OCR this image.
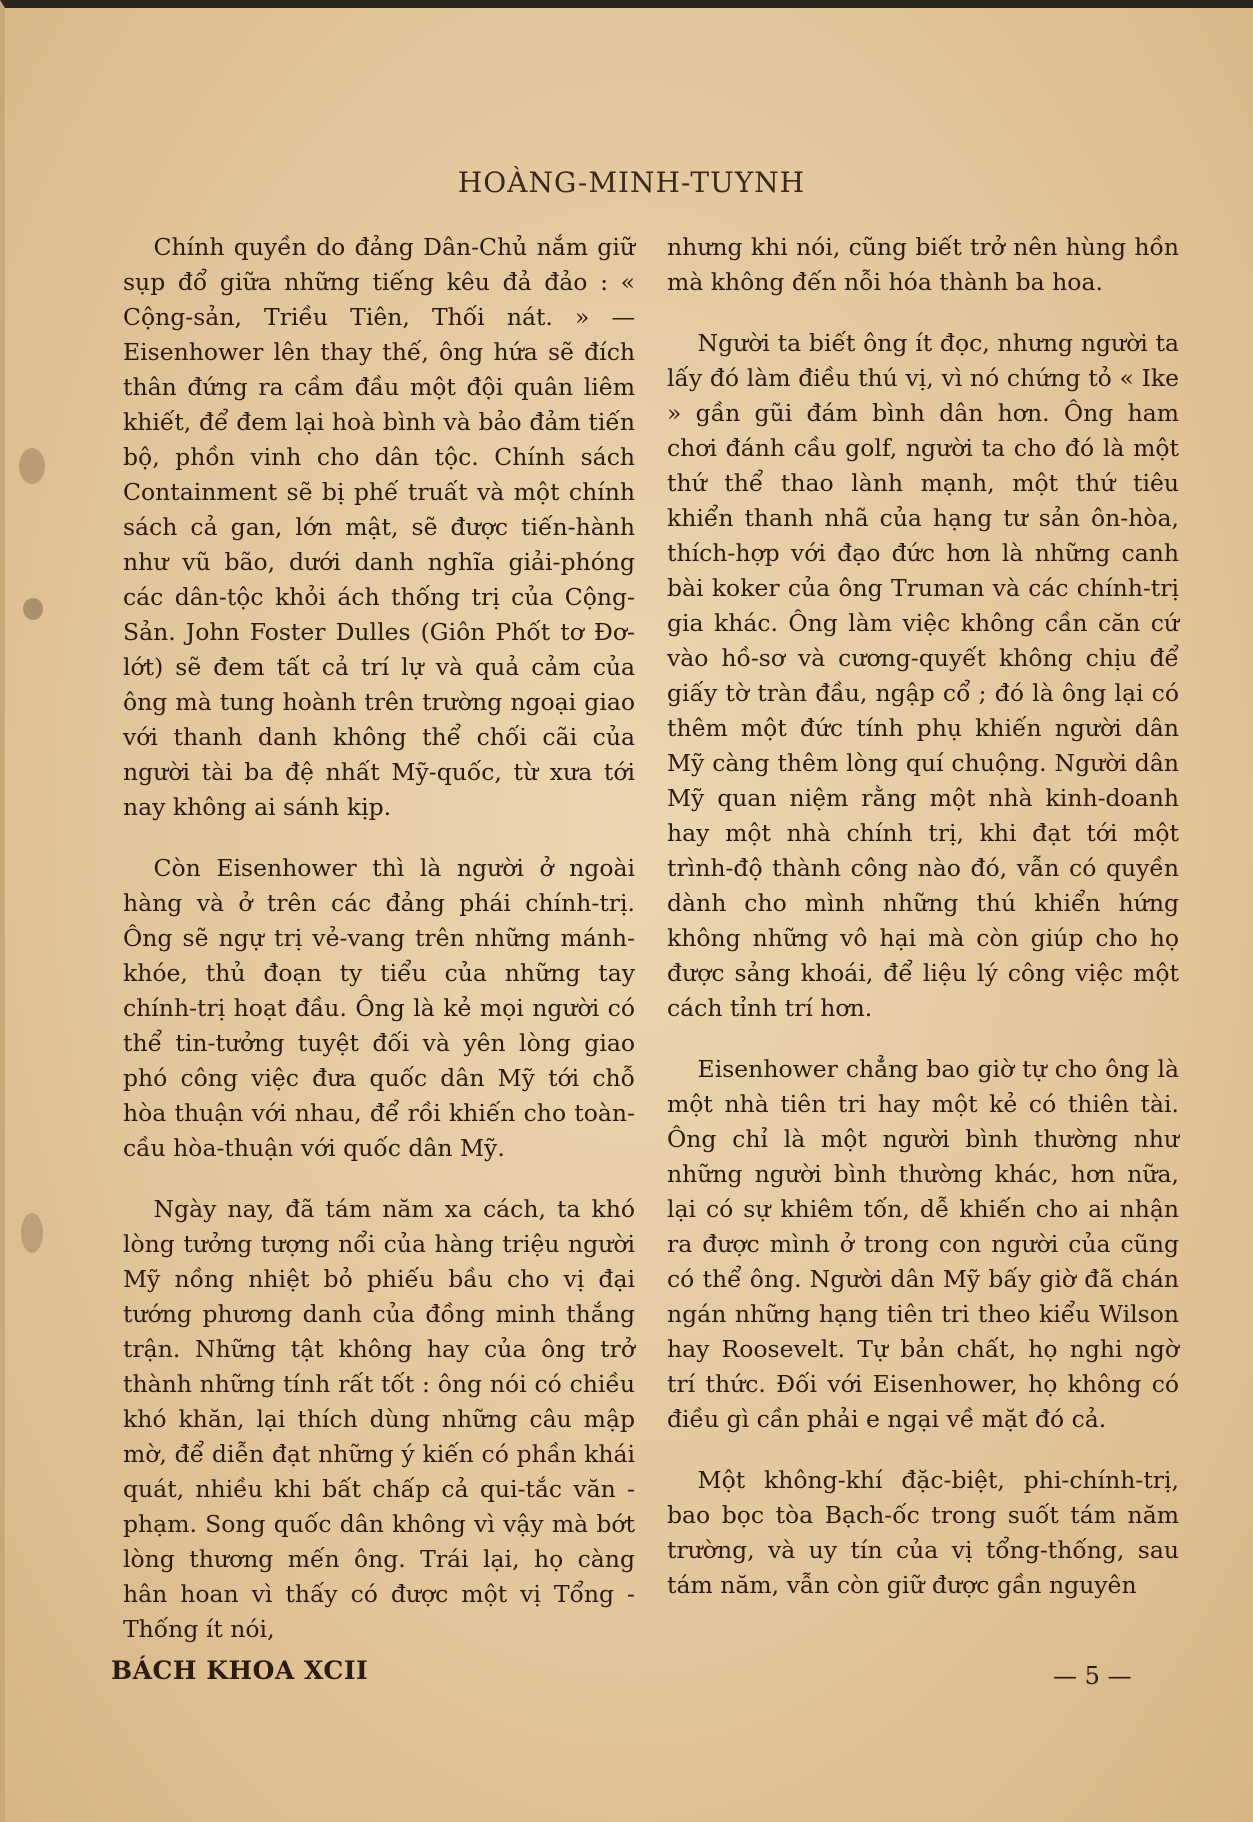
HOÀNG-MINH-TUYNH

Chính quyền do đảng Dân-Chủ nắm giữ sụp đổ giữa những tiếng kêu đả đảo : « Cộng-sản, Triều Tiên, Thối nát. » — Eisenhower lên thay thế, ông hứa sẽ đích thân đứng ra cầm đầu một đội quân liêm khiết, để đem lại hoà bình và bảo đảm tiến bộ, phồn vinh cho dân tộc. Chính sách Containment sẽ bị phế truất và một chính sách cả gan, lớn mật, sẽ được tiến-hành như vũ bão, dưới danh nghĩa giải-phóng các dân-tộc khỏi ách thống trị của Cộng-Sản. John Foster Dulles (Giôn Phốt tơ Đơ-lớt) sẽ đem tất cả trí lự và quả cảm của ông mà tung hoành trên trường ngoại giao với thanh danh không thể chối cãi của người tài ba đệ nhất Mỹ-quốc, từ xưa tới nay không ai sánh kịp.

Còn Eisenhower thì là người ở ngoài hàng và ở trên các đảng phái chính-trị. Ông sẽ ngự trị vẻ-vang trên những mánh-khóe, thủ đoạn ty tiểu của những tay chính-trị hoạt đầu. Ông là kẻ mọi người có thể tin-tưởng tuyệt đối và yên lòng giao phó công việc đưa quốc dân Mỹ tới chỗ hòa thuận với nhau, để rồi khiến cho toàn-cầu hòa-thuận với quốc dân Mỹ.

Ngày nay, đã tám năm xa cách, ta khó lòng tưởng tượng nổi của hàng triệu người Mỹ nồng nhiệt bỏ phiếu bầu cho vị đại tướng phương danh của đồng minh thắng trận. Những tật không hay của ông trở thành những tính rất tốt : ông nói có chiều khó khăn, lại thích dùng những câu mập mờ, để diễn đạt những ý kiến có phần khái quát, nhiều khi bất chấp cả qui-tắc văn - phạm. Song quốc dân không vì vậy mà bớt lòng thương mến ông. Trái lại, họ càng hân hoan vì thấy có được một vị Tổng - Thống ít nói,

nhưng khi nói, cũng biết trở nên hùng hồn mà không đến nỗi hóa thành ba hoa.

Người ta biết ông ít đọc, nhưng người ta lấy đó làm điều thú vị, vì nó chứng tỏ « Ike » gần gũi đám bình dân hơn. Ông ham chơi đánh cầu golf, người ta cho đó là một thứ thể thao lành mạnh, một thứ tiêu khiển thanh nhã của hạng tư sản ôn-hòa, thích-hợp với đạo đức hơn là những canh bài koker của ông Truman và các chính-trị gia khác. Ông làm việc không cần căn cứ vào hồ-sơ và cương-quyết không chịu để giấy tờ tràn đầu, ngập cổ ; đó là ông lại có thêm một đức tính phụ khiến người dân Mỹ càng thêm lòng quí chuộng. Người dân Mỹ quan niệm rằng một nhà kinh-doanh hay một nhà chính trị, khi đạt tới một trình-độ thành công nào đó, vẫn có quyền dành cho mình những thú khiển hứng không những vô hại mà còn giúp cho họ được sảng khoái, để liệu lý công việc một cách tỉnh trí hơn.

Eisenhower chẳng bao giờ tự cho ông là một nhà tiên tri hay một kẻ có thiên tài. Ông chỉ là một người bình thường như những người bình thường khác, hơn nữa, lại có sự khiêm tốn, dễ khiến cho ai nhận ra được mình ở trong con người của cũng có thể ông. Người dân Mỹ bấy giờ đã chán ngán những hạng tiên tri theo kiểu Wilson hay Roosevelt. Tự bản chất, họ nghi ngờ trí thức. Đối với Eisenhower, họ không có điều gì cần phải e ngại về mặt đó cả.

Một không-khí đặc-biệt, phi-chính-trị, bao bọc tòa Bạch-ốc trong suốt tám năm trường, và uy tín của vị tổng-thống, sau tám năm, vẫn còn giữ được gần nguyên

BÁCH KHOA XCII	— 5 —
